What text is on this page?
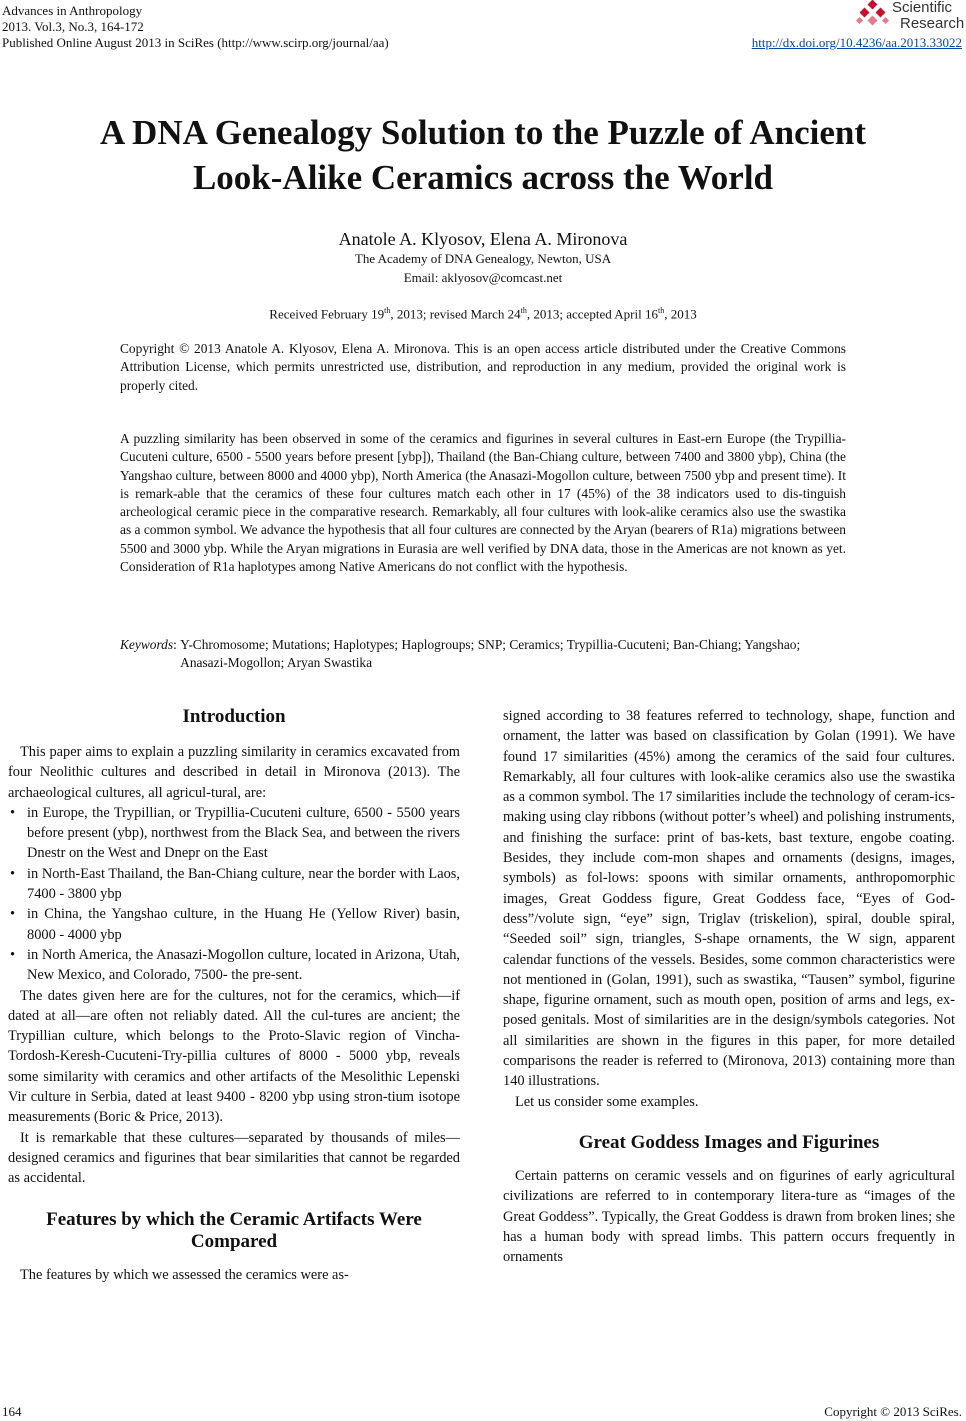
Advances in Anthropology
2013. Vol.3, No.3, 164-172
Published Online August 2013 in SciRes (http://www.scirp.org/journal/aa)	http://dx.doi.org/10.4236/aa.2013.33022
Scientific
Research
A DNA Genealogy Solution to the Puzzle of Ancient
Look-Alike Ceramics across the World
Anatole A. Klyosov, Elena A. Mironova
The Academy of DNA Genealogy, Newton, USA
Email: aklyosov@comcast.net
Received February 19th, 2013; revised March 24th, 2013; accepted April 16th, 2013
Copyright © 2013 Anatole A. Klyosov, Elena A. Mironova. This is an open access article distributed under the Creative Commons Attribution License, which permits unrestricted use, distribution, and reproduction in any medium, provided the original work is properly cited.
A puzzling similarity has been observed in some of the ceramics and figurines in several cultures in East-ern Europe (the Trypillia-Cucuteni culture, 6500 - 5500 years before present [ybp]), Thailand (the Ban-Chiang culture, between 7400 and 3800 ybp), China (the Yangshao culture, between 8000 and 4000 ybp), North America (the Anasazi-Mogollon culture, between 7500 ybp and present time). It is remark-able that the ceramics of these four cultures match each other in 17 (45%) of the 38 indicators used to dis-tinguish archeological ceramic piece in the comparative research. Remarkably, all four cultures with look-alike ceramics also use the swastika as a common symbol. We advance the hypothesis that all four cultures are connected by the Aryan (bearers of R1a) migrations between 5500 and 3000 ybp. While the Aryan migrations in Eurasia are well verified by DNA data, those in the Americas are not known as yet. Consideration of R1a haplotypes among Native Americans do not conflict with the hypothesis.
Keywords: Y-Chromosome; Mutations; Haplotypes; Haplogroups; SNP; Ceramics; Trypillia-Cucuteni; Ban-Chiang; Yangshao; Anasazi-Mogollon; Aryan Swastika
Introduction

This paper aims to explain a puzzling similarity in ceramics excavated from four Neolithic cultures and described in detail in Mironova (2013). The archaeological cultures, all agricul-tural, are:

• in Europe, the Trypillian, or Trypillia-Cucuteni culture, 6500 - 5500 years before present (ybp), northwest from the Black Sea, and between the rivers Dnestr on the West and Dnepr on the East
• in North-East Thailand, the Ban-Chiang culture, near the border with Laos, 7400 - 3800 ybp
• in China, the Yangshao culture, in the Huang He (Yellow River) basin, 8000 - 4000 ybp
• in North America, the Anasazi-Mogollon culture, located in Arizona, Utah, New Mexico, and Colorado, 7500- the pre-sent.

The dates given here are for the cultures, not for the ceramics, which—if dated at all—are often not reliably dated. All the cul-tures are ancient; the Trypillian culture, which belongs to the Proto-Slavic region of Vincha-Tordosh-Keresh-Cucuteni-Try-pillia cultures of 8000 - 5000 ybp, reveals some similarity with ceramics and other artifacts of the Mesolithic Lepenski Vir culture in Serbia, dated at least 9400 - 8200 ybp using stron-tium isotope measurements (Boric & Price, 2013).

It is remarkable that these cultures—separated by thousands of miles—designed ceramics and figurines that bear similarities that cannot be regarded as accidental.

Features by which the Ceramic Artifacts Were
Compared

The features by which we assessed the ceramics were as-

signed according to 38 features referred to technology, shape, function and ornament, the latter was based on classification by Golan (1991). We have found 17 similarities (45%) among the ceramics of the said four cultures. Remarkably, all four cultures with look-alike ceramics also use the swastika as a common symbol. The 17 similarities include the technology of ceram-ics-making using clay ribbons (without potter’s wheel) and polishing instruments, and finishing the surface: print of bas-kets, bast texture, engobe coating. Besides, they include com-mon shapes and ornaments (designs, images, symbols) as fol-lows: spoons with similar ornaments, anthropomorphic images, Great Goddess figure, Great Goddess face, “Eyes of God-dess”/volute sign, “eye” sign, Triglav (triskelion), spiral, double spiral, “Seeded soil” sign, triangles, S-shape ornaments, the W sign, apparent calendar functions of the vessels. Besides, some common characteristics were not mentioned in (Golan, 1991), such as swastika, “Tausen” symbol, figurine shape, figurine ornament, such as mouth open, position of arms and legs, ex-posed genitals. Most of similarities are in the design/symbols categories. Not all similarities are shown in the figures in this paper, for more detailed comparisons the reader is referred to (Mironova, 2013) containing more than 140 illustrations.

Let us consider some examples.

Great Goddess Images and Figurines

Certain patterns on ceramic vessels and on figurines of early agricultural civilizations are referred to in contemporary litera-ture as “images of the Great Goddess”. Typically, the Great Goddess is drawn from broken lines; she has a human body with spread limbs. This pattern occurs frequently in ornaments

164	Copyright © 2013 SciRes.
